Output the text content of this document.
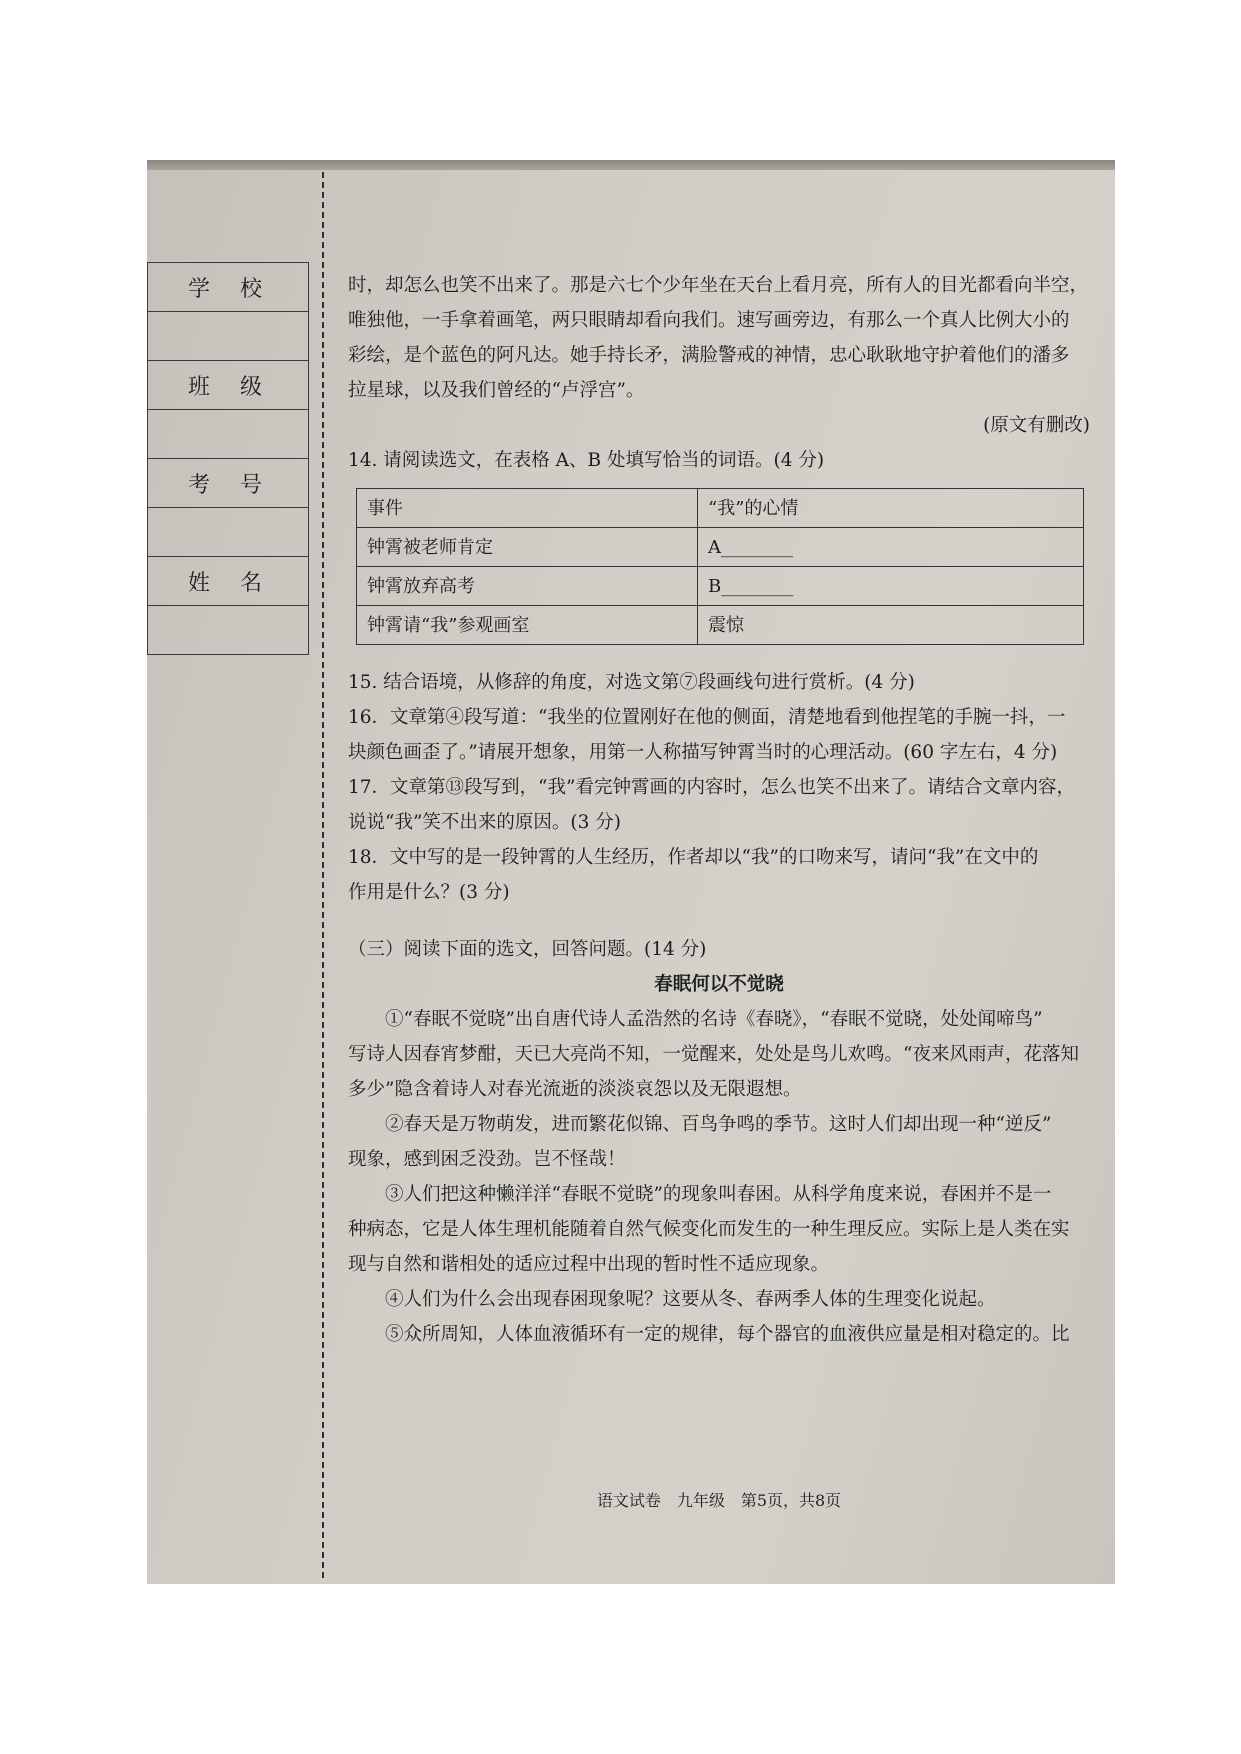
学校

班级

考号

姓名

时，却怎么也笑不出来了。那是六七个少年坐在天台上看月亮，所有人的目光都看向半空，

唯独他，一手拿着画笔，两只眼睛却看向我们。速写画旁边，有那么一个真人比例大小的

彩绘，是个蓝色的阿凡达。她手持长矛，满脸警戒的神情，忠心耿耿地守护着他们的潘多

拉星球，以及我们曾经的“卢浮宫”。

(原文有删改)

14. 请阅读选文，在表格 A、B 处填写恰当的词语。(4 分)

事件	“我”的心情
钟霄被老师肯定	A________
钟霄放弃高考	B________
钟霄请“我”参观画室	震惊

15. 结合语境，从修辞的角度，对选文第⑦段画线句进行赏析。(4 分)

16．文章第④段写道：“我坐的位置刚好在他的侧面，清楚地看到他捏笔的手腕一抖，一

块颜色画歪了。”请展开想象，用第一人称描写钟霄当时的心理活动。(60 字左右，4 分)

17．文章第⑬段写到，“我”看完钟霄画的内容时，怎么也笑不出来了。请结合文章内容，

说说“我”笑不出来的原因。(3 分)

18．文中写的是一段钟霄的人生经历，作者却以“我”的口吻来写，请问“我”在文中的

作用是什么？(3 分)

（三）阅读下面的选文，回答问题。(14 分)

春眠何以不觉晓

①“春眠不觉晓”出自唐代诗人孟浩然的名诗《春晓》，“春眠不觉晓，处处闻啼鸟”

写诗人因春宵梦酣，天已大亮尚不知，一觉醒来，处处是鸟儿欢鸣。“夜来风雨声，花落知

多少”隐含着诗人对春光流逝的淡淡哀怨以及无限遐想。

②春天是万物萌发，进而繁花似锦、百鸟争鸣的季节。这时人们却出现一种“逆反”

现象，感到困乏没劲。岂不怪哉！

③人们把这种懒洋洋“春眠不觉晓”的现象叫春困。从科学角度来说，春困并不是一

种病态，它是人体生理机能随着自然气候变化而发生的一种生理反应。实际上是人类在实

现与自然和谐相处的适应过程中出现的暂时性不适应现象。

④人们为什么会出现春困现象呢？这要从冬、春两季人体的生理变化说起。

⑤众所周知，人体血液循环有一定的规律，每个器官的血液供应量是相对稳定的。比

语文试卷　九年级　第5页，共8页
